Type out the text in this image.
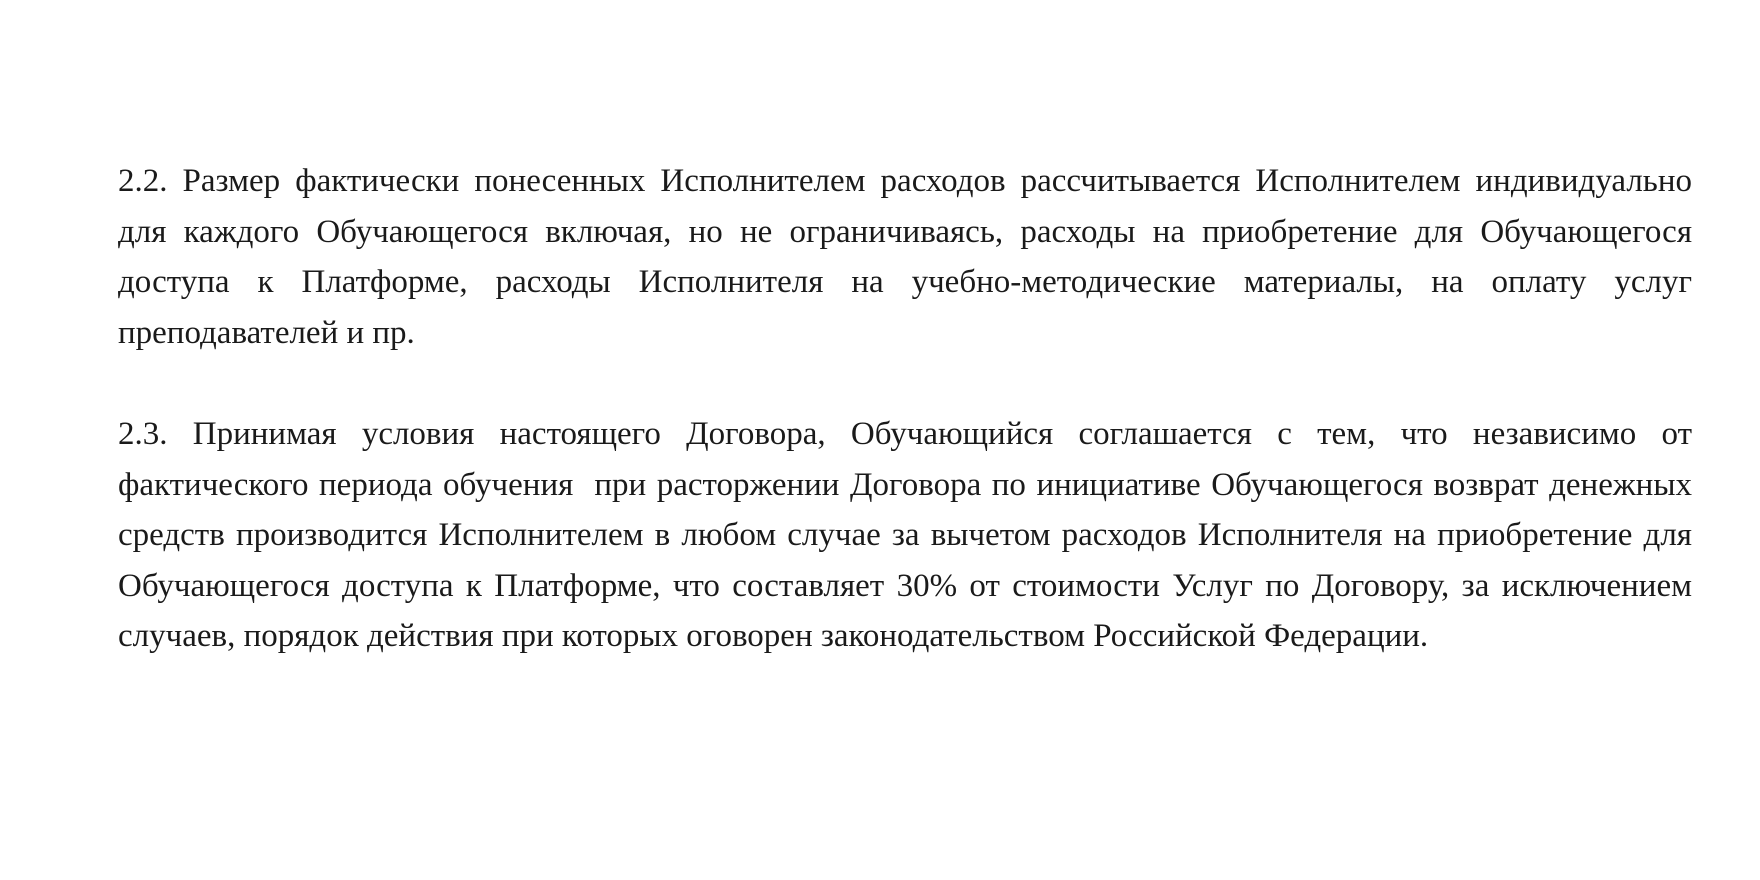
2.2. Размер фактически понесенных Исполнителем расходов рассчитывается Исполнителем индивидуально для каждого Обучающегося включая, но не ограничиваясь, расходы на приобретение для Обучающегося доступа к Платформе, расходы Исполнителя на учебно-методические материалы, на оплату услуг преподавателей и пр.

2.3. Принимая условия настоящего Договора, Обучающийся соглашается с тем, что независимо от фактического периода обучения  при расторжении Договора по инициативе Обучающегося возврат денежных средств производится Исполнителем в любом случае за вычетом расходов Исполнителя на приобретение для Обучающегося доступа к Платформе, что составляет 30% от стоимости Услуг по Договору, за исключением случаев, порядок действия при которых оговорен законодательством Российской Федерации.
